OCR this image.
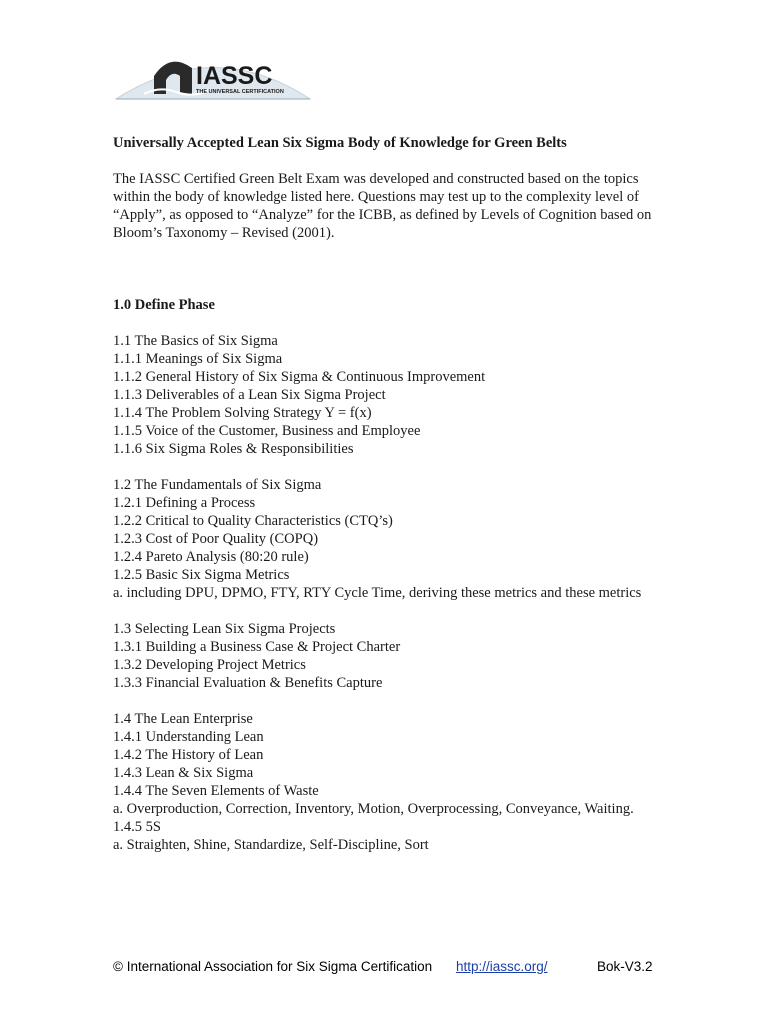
IASSC
THE UNIVERSAL CERTIFICATION
Universally Accepted Lean Six Sigma Body of Knowledge for Green Belts
The IASSC Certified Green Belt Exam was developed and constructed based on the topics within the body of knowledge listed here. Questions may test up to the complexity level of “Apply”, as opposed to “Analyze” for the ICBB, as defined by Levels of Cognition based on Bloom’s Taxonomy – Revised (2001).
1.0 Define Phase
1.1 The Basics of Six Sigma
1.1.1 Meanings of Six Sigma
1.1.2 General History of Six Sigma & Continuous Improvement
1.1.3 Deliverables of a Lean Six Sigma Project
1.1.4 The Problem Solving Strategy Y = f(x)
1.1.5 Voice of the Customer, Business and Employee
1.1.6 Six Sigma Roles & Responsibilities
1.2 The Fundamentals of Six Sigma
1.2.1 Defining a Process
1.2.2 Critical to Quality Characteristics (CTQ’s)
1.2.3 Cost of Poor Quality (COPQ)
1.2.4 Pareto Analysis (80:20 rule)
1.2.5 Basic Six Sigma Metrics
a. including DPU, DPMO, FTY, RTY Cycle Time, deriving these metrics and these metrics
1.3 Selecting Lean Six Sigma Projects
1.3.1 Building a Business Case & Project Charter
1.3.2 Developing Project Metrics
1.3.3 Financial Evaluation & Benefits Capture
1.4 The Lean Enterprise
1.4.1 Understanding Lean
1.4.2 The History of Lean
1.4.3 Lean & Six Sigma
1.4.4 The Seven Elements of Waste
a. Overproduction, Correction, Inventory, Motion, Overprocessing, Conveyance, Waiting.
1.4.5 5S
a. Straighten, Shine, Standardize, Self-Discipline, Sort
© International Association for Six Sigma Certification http://iassc.org/	Bok-V3.2
